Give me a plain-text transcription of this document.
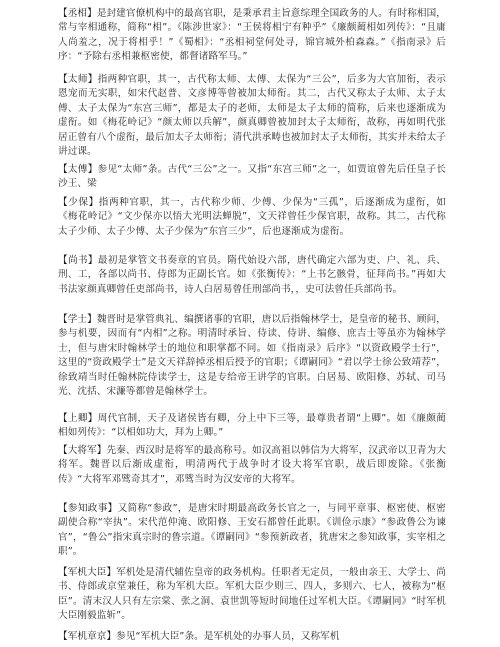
【丞相】是封建官僚机构中的最高官职，是秉承君主旨意综理全国政务的人。有时称相国，常与宰相通称，简称“相”。《陈涉世家》：“王侯将相宁有种乎”《廉颇蔺相如列传》：“且庸人尚羞之，况于将相乎！”《蜀相》：“丞相祠堂何处寻，锦官城外柏森森。”《指南录》后序：“予除右丞相兼枢密使，都督诸路军马。”

【太师】指两种官职，其一，古代称太师、太傅、太保为“三公”，后多为大官加衔，表示恩宠而无实职，如宋代赵普、文彦博等曾被加太师衔。其二，古代又称太子太师、太子太傅、太子太保为“东宫三师”，都是太子的老师，太师是太子太师的简称，后来也逐渐成为虚衔。如《梅花岭记》“颜太师以兵解”，颜真卿曾被加封太子太师衔，故称，再如明代张居正曾有八个虚衔，最后加太子太师衔；清代洪承畴也被加封太子太师衔，其实并未给太子讲过课。

【太傅】参见“太师”条。古代“三公”之一。又指“东宫三师”之一，如贾谊曾先后任皇子长沙王、梁

【少保】指两种官职，其一，古代称少师、少傅、少保为“三孤”，后逐渐成为虚衔，如《梅花岭记》“文少保亦以悟大光明法蝉脱”，文天祥曾任少保官职，故称。其二，古代称太子少师、太子少傅、太子少保为“东宫三少”，后也逐渐成为虚衔。

【尚书】最初是掌管文书奏章的官员。隋代始设六部，唐代确定六部为吏、户、礼、兵、刑、工，各部以尚书、侍郎为正副长官。如《张衡传》：“上书乞骸骨，征拜尚书。”再如大书法家颜真卿曾任吏部尚书，诗人白居易曾任刑部尚书，，史可法曾任兵部尚书。

【学士】魏晋时是掌管典礼、编撰诸事的官职，唐以后指翰林学士，是皇帝的秘书、顾问，参与机要，因而有“内相”之称。明清时承旨、侍读、侍讲、编修、庶吉士等虽亦为翰林学士，但与唐宋时翰林学士的地位和职掌都不同。如《指南录》后序》“以资政殿学士行”，这里的“资政殿学士”是文天祥辞掉丞相后授予的官职；《谭嗣同》“君以学士徐公致靖荐”，徐致靖当时任翰林院侍读学士，这是专给帝王讲学的官职。白居易、欧阳修、苏轼、司马光、沈括、宋濂等都曾是翰林学士。

【上卿】周代官制，天子及诸侯皆有卿，分上中下三等，最尊贵者谓“上卿”。如《廉颇蔺相如列传》：“以相如功大，拜为上卿。”

【大将军】先秦、西汉时是将军的最高称号。如汉高祖以韩信为大将军，汉武帝以卫青为大将军。魏晋以后渐成虚衔，明清两代于战争时才设大将军官职，战后即废除。《张衡传》“大将军邓骘奇其才”，邓骘当时为汉安帝的大将军。

【参知政事】又简称“参政”，是唐宋时期最高政务长官之一，与同平章事、枢密使、枢密副使合称“宰执”。宋代范仲淹、欧阳修、王安石都曾任此职。《训俭示康》“参政鲁公为谏官”，“鲁公”指宋真宗时的鲁宗道。《谭嗣同》“参预新政者，犹唐宋之参知政事，实宰相之职”。

【军机大臣】军机处是清代辅佐皇帝的政务机构。任职者无定员，一般由亲王、大学士、尚书、侍郎或京堂兼任，称为军机大臣。军机大臣少则三、四人，多则六、七人，被称为“枢臣”。清末汉人只有左宗棠、张之洞、袁世凯等短时间地任过军机大臣。《谭嗣同》“时军机大臣刚毅监斩”。

【军机章京】参见“军机大臣”条。是军机处的办事人员，又称军机
